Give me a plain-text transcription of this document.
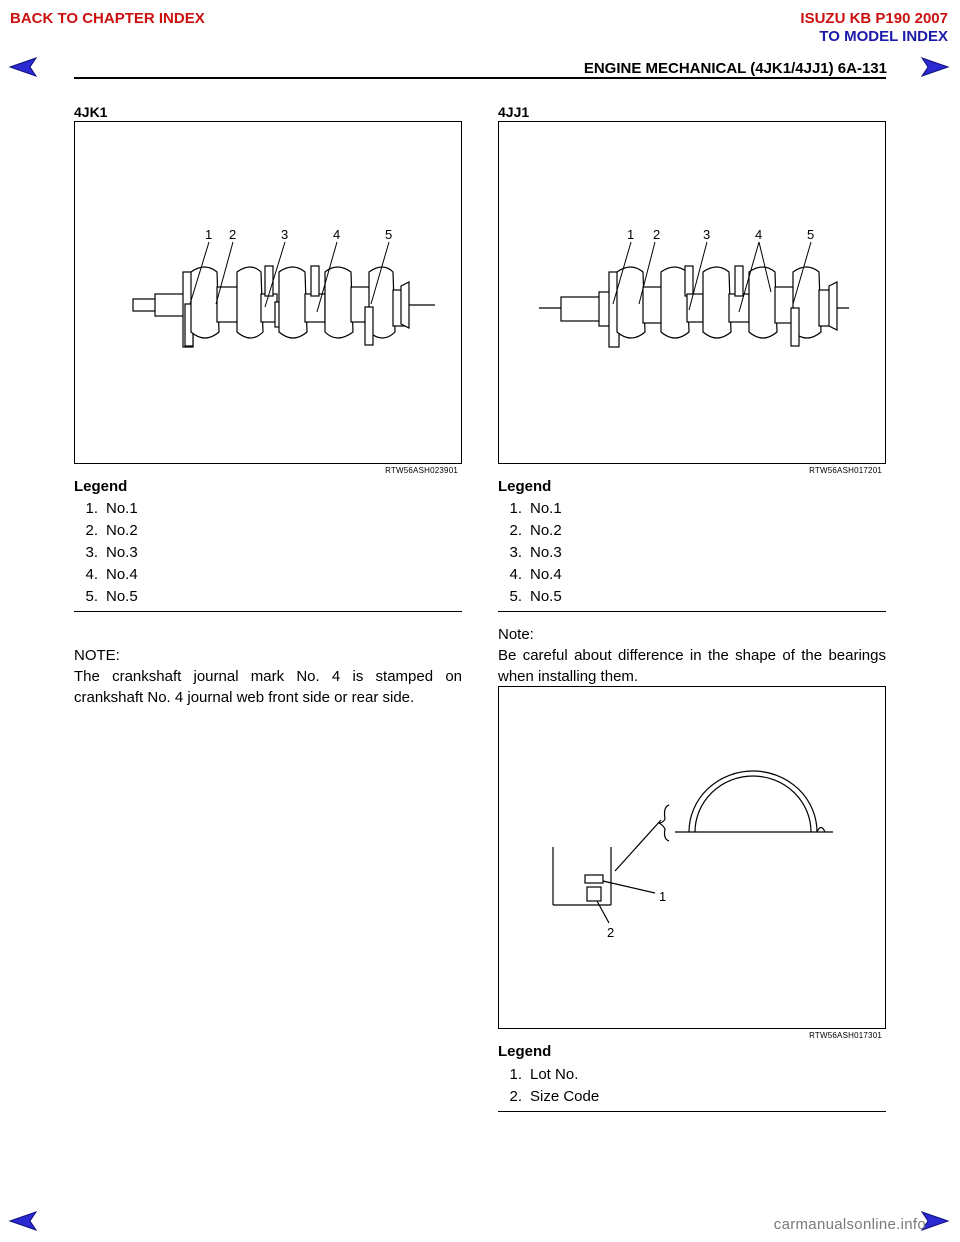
BACK TO CHAPTER INDEX	ISUZU KB P190 2007
TO MODEL INDEX
ENGINE MECHANICAL (4JK1/4JJ1) 6A-131
4JK1
1 2	3	4	5
RTW56ASH023901
Legend
1. No.1
2. No.2
3. No.3
4. No.4
5. No.5
NOTE:
The crankshaft journal mark No. 4 is stamped on crankshaft No. 4 journal web front side or rear side.
4JJ1
1 2	3	4	5
RTW56ASH017201
Legend
1. No.1
2. No.2
3. No.3
4. No.4
5. No.5
Note:
Be careful about difference in the shape of the bearings when installing them.
1
2
RTW56ASH017301
Legend
1. Lot No.
2. Size Code
carmanualsonline.info
